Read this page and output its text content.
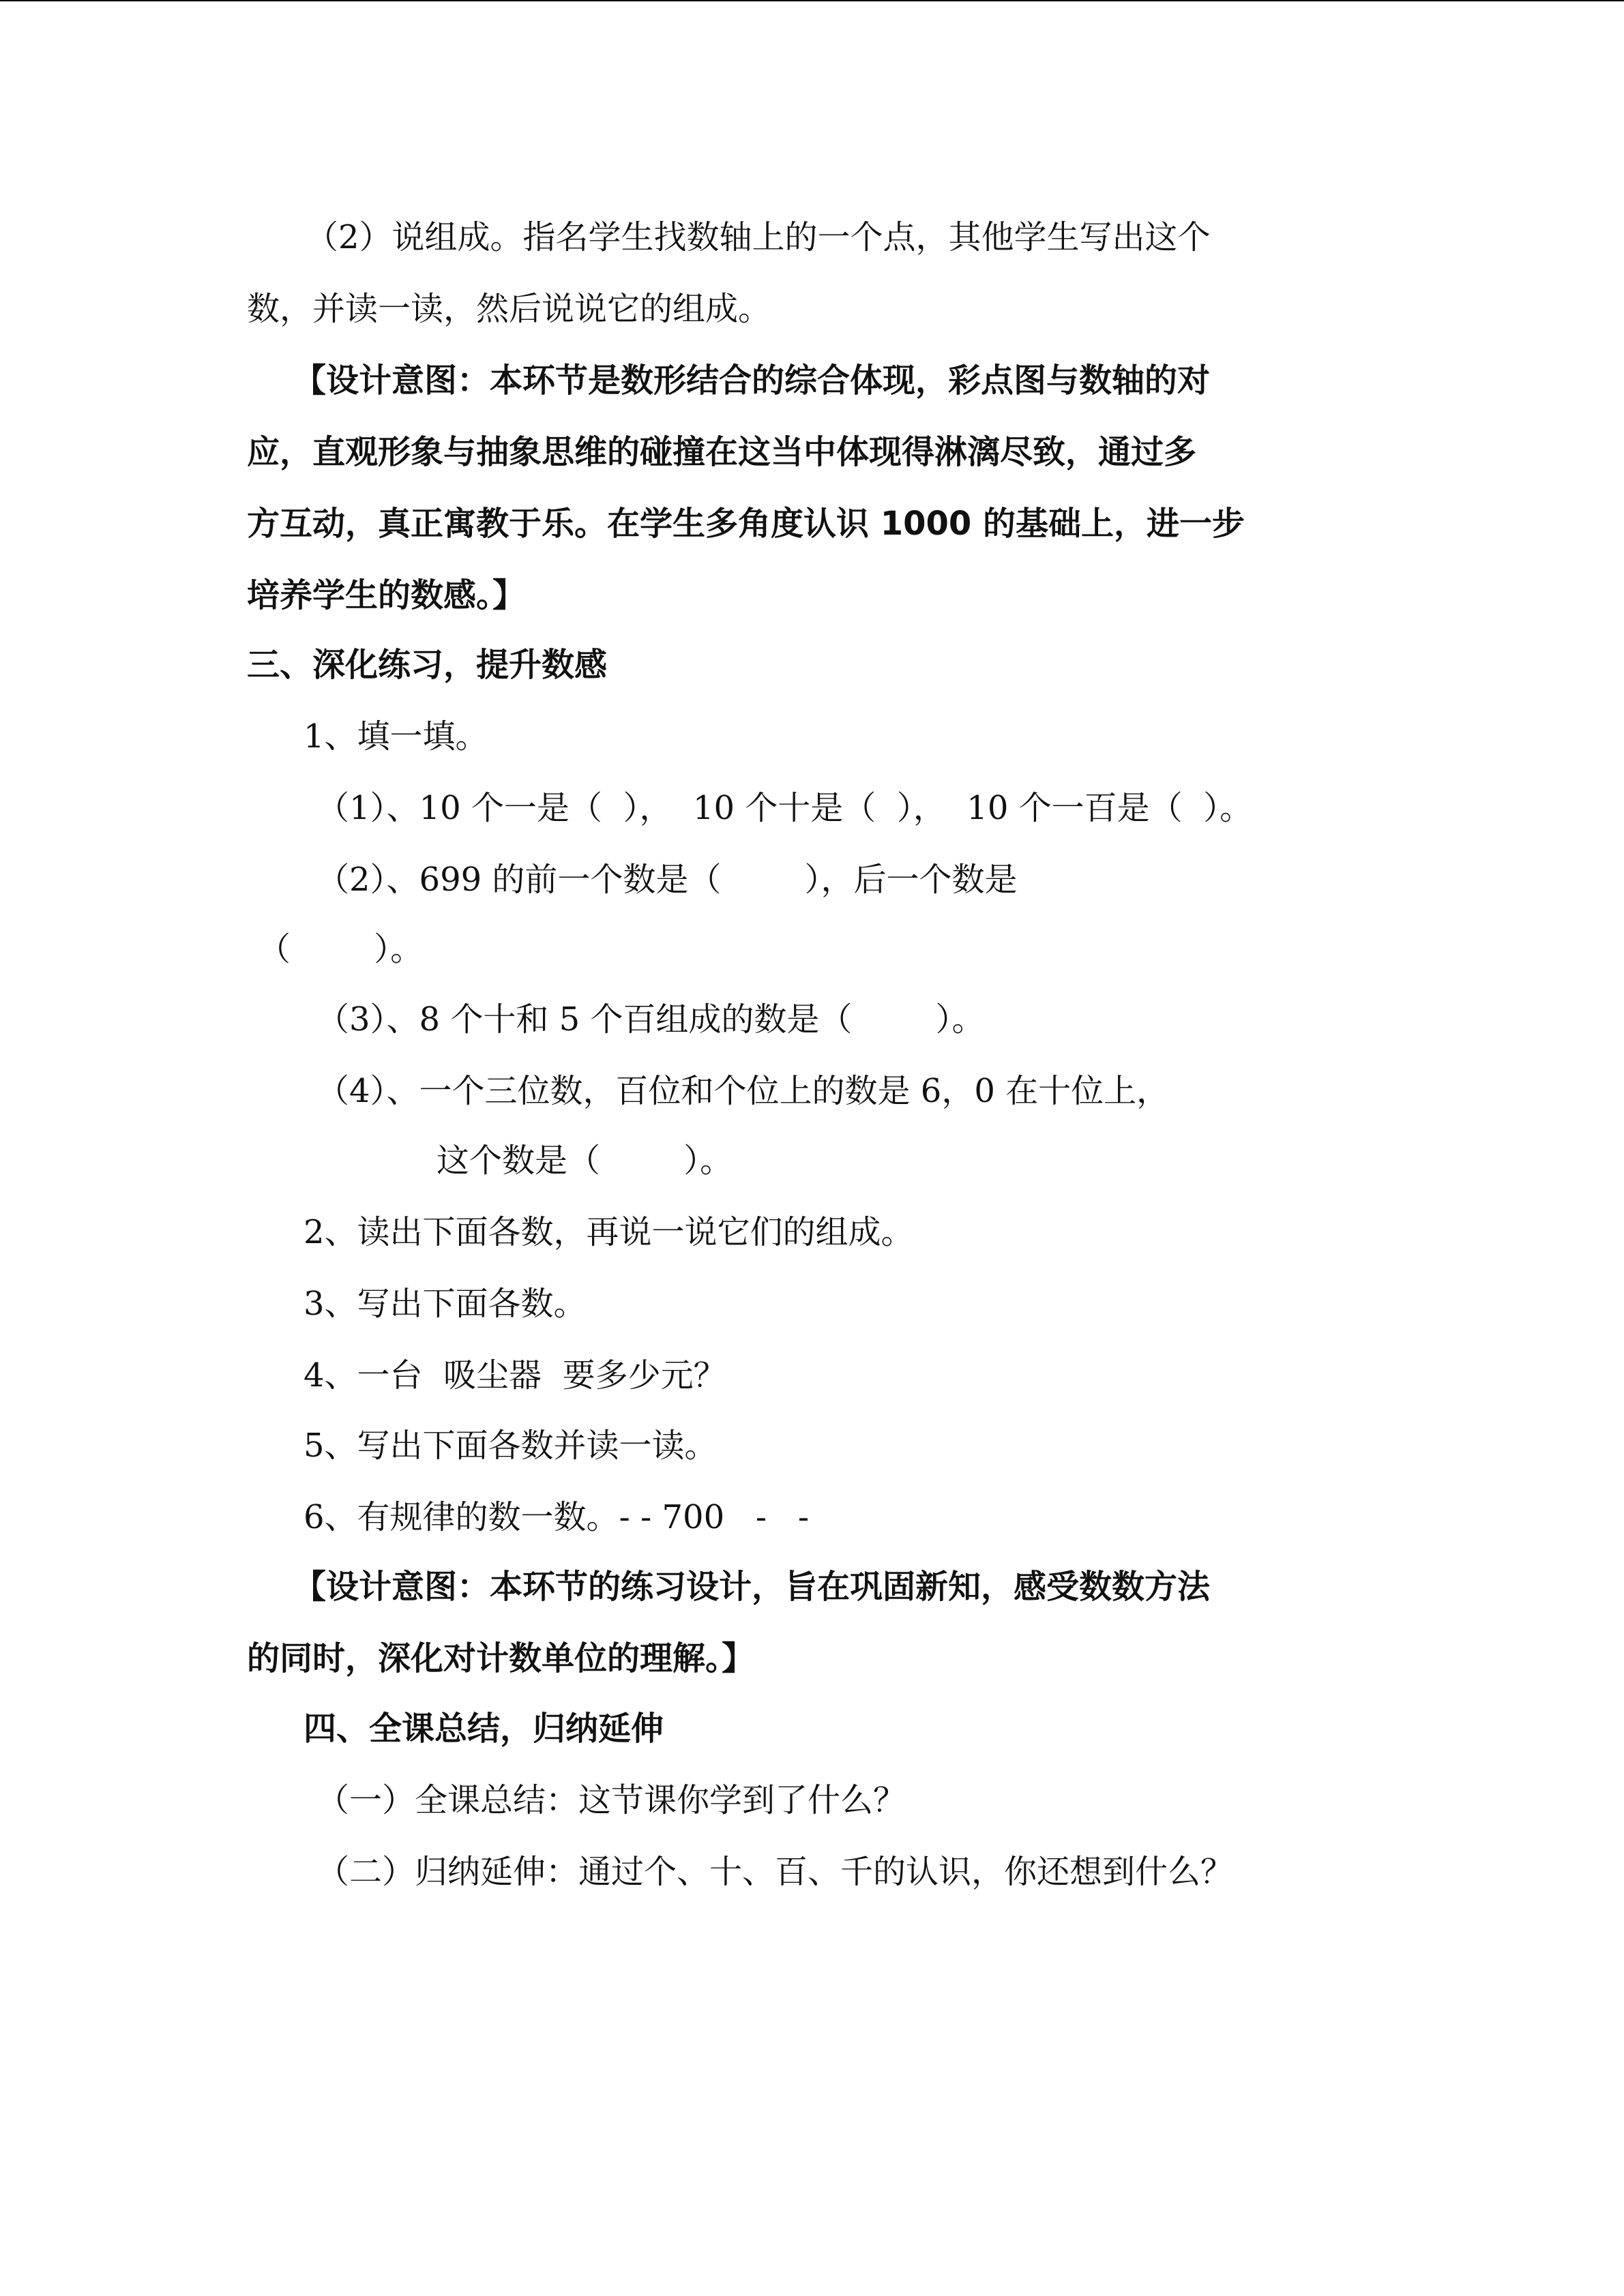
（2）说组成。指名学生找数轴上的一个点，其他学生写出这个
数，并读一读，然后说说它的组成。
【设计意图：本环节是数形结合的综合体现，彩点图与数轴的对
应，直观形象与抽象思维的碰撞在这当中体现得淋漓尽致，通过多
方互动，真正寓教于乐。在学生多角度认识 1000 的基础上，进一步
培养学生的数感。】
三、深化练习，提升数感
1、填一填。
（1）、10 个一是（  ），  10 个十是（  ），  10 个一百是（  ）。
（2）、699 的前一个数是（        ），后一个数是
（        ）。
（3）、8 个十和 5 个百组成的数是（        ）。
（4）、一个三位数，百位和个位上的数是 6，0 在十位上，
这个数是（        ）。
2、读出下面各数，再说一说它们的组成。
3、写出下面各数。
4、一台  吸尘器  要多少元？
5、写出下面各数并读一读。
6、有规律的数一数。- - 700   -   -
【设计意图：本环节的练习设计，旨在巩固新知，感受数数方法
的同时，深化对计数单位的理解。】
四、全课总结，归纳延伸
（一）全课总结：这节课你学到了什么？
（二）归纳延伸：通过个、十、百、千的认识，你还想到什么？
